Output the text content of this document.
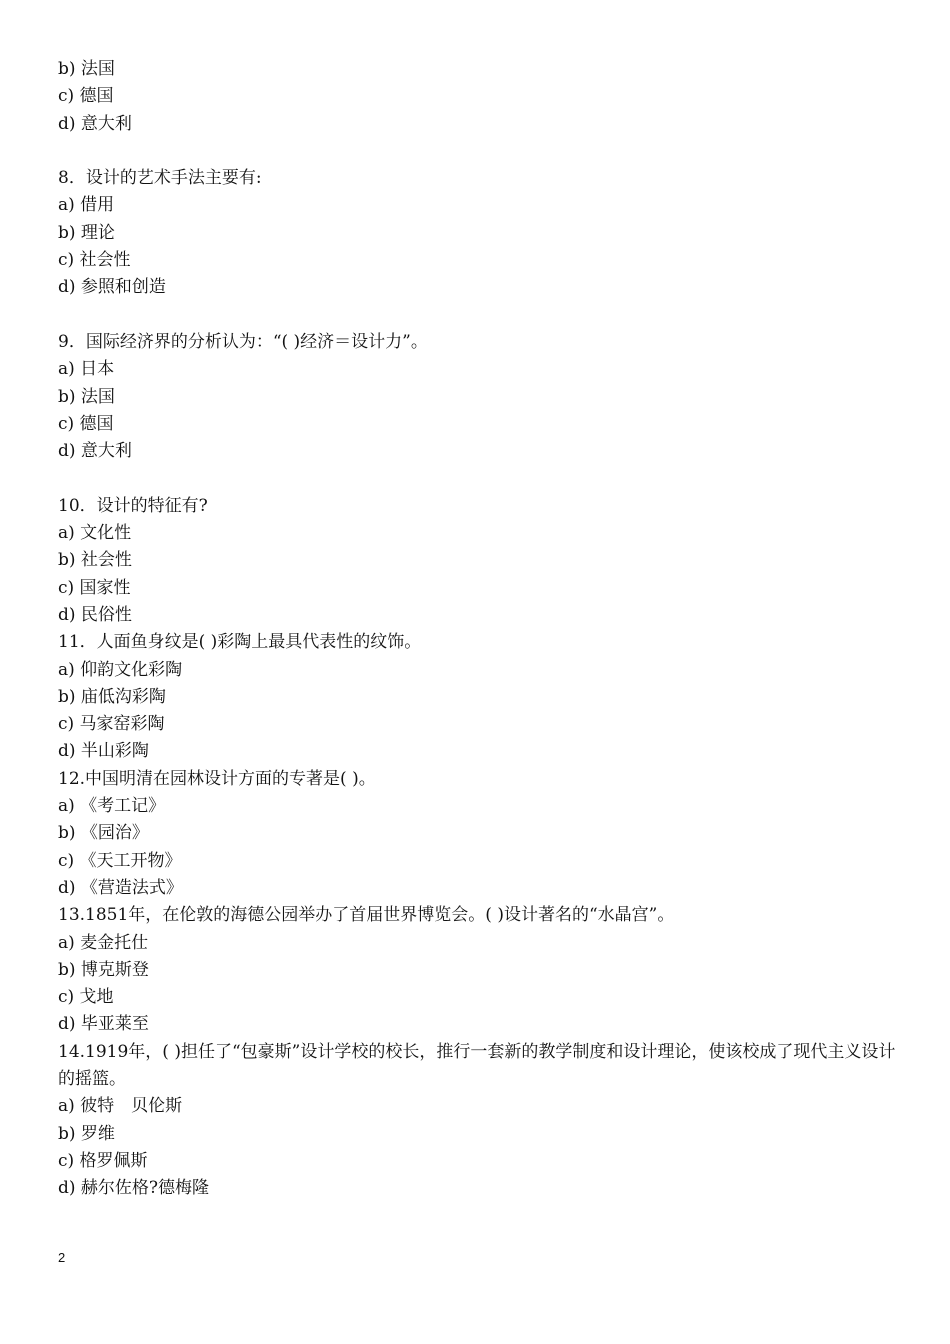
b) 法国

c) 德国

d) 意大利

8．设计的艺术手法主要有:

a) 借用

b) 理论

c) 社会性

d) 参照和创造

9．国际经济界的分析认为：“( )经济＝设计力”。

a) 日本

b) 法国

c) 德国

d) 意大利

10．设计的特征有?

a) 文化性

b) 社会性

c) 国家性

d) 民俗性

11．人面鱼身纹是( )彩陶上最具代表性的纹饰。

a) 仰韵文化彩陶

b) 庙低沟彩陶

c) 马家窑彩陶

d) 半山彩陶

12.中国明清在园林设计方面的专著是( )。

a) 《考工记》

b) 《园治》

c) 《天工开物》

d) 《营造法式》

13.1851年，在伦敦的海德公园举办了首届世界博览会。( )设计著名的“水晶宫”。

a) 麦金托仕

b) 博克斯登

c) 戈地

d) 毕亚莱至

14.1919年，( )担任了“包豪斯”设计学校的校长，推行一套新的教学制度和设计理论，使该校成了现代主义设计的摇篮。

a) 彼特　贝伦斯

b) 罗维

c) 格罗佩斯

d) 赫尔佐格?德梅隆

2
